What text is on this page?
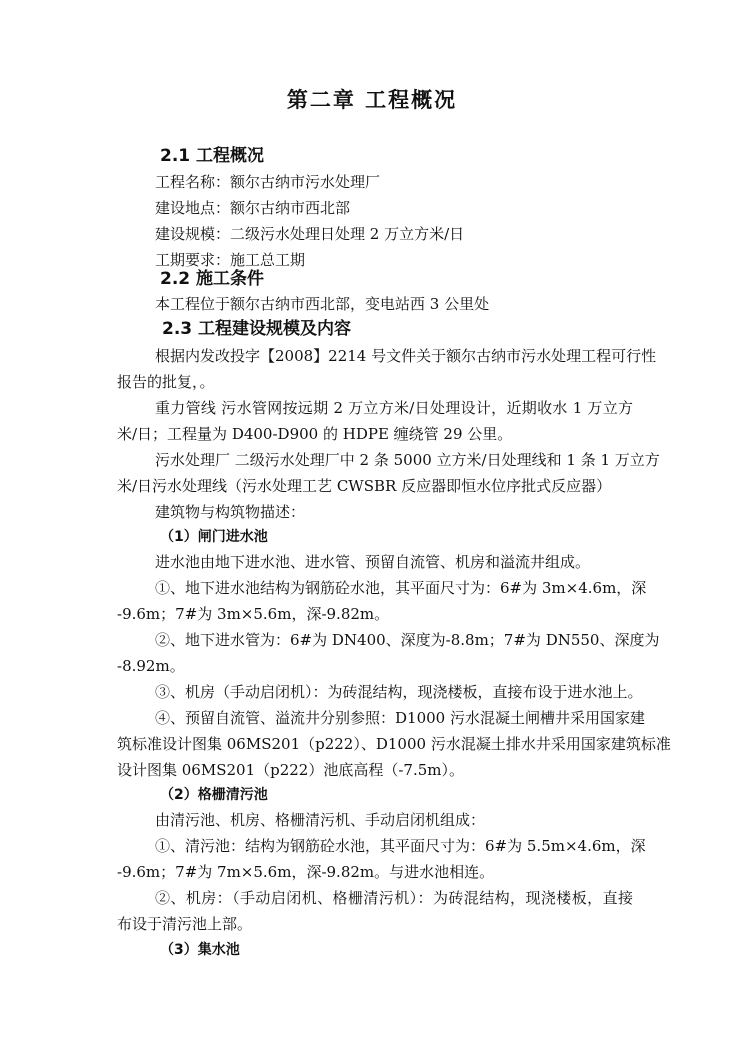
第二章 工程概况
2.1 工程概况
工程名称：额尔古纳市污水处理厂
建设地点：额尔古纳市西北部
建设规模：二级污水处理日处理 2 万立方米/日
工期要求：施工总工期
2.2 施工条件
本工程位于额尔古纳市西北部，变电站西 3 公里处
2.3 工程建设规模及内容
根据内发改投字【2008】2214 号文件关于额尔古纳市污水处理工程可行性
报告的批复，。
重力管线 污水管网按远期 2 万立方米/日处理设计，近期收水 1 万立方
米/日；工程量为 D400-D900 的 HDPE 缠绕管 29 公里。
污水处理厂 二级污水处理厂中 2 条 5000 立方米/日处理线和 1 条 1 万立方
米/日污水处理线（污水处理工艺 CWSBR 反应器即恒水位序批式反应器）
建筑物与构筑物描述：
（1）闸门进水池
进水池由地下进水池、进水管、预留自流管、机房和溢流井组成。
①、地下进水池结构为钢筋砼水池，其平面尺寸为：6#为 3m×4.6m，深
-9.6m；7#为 3m×5.6m，深-9.82m。
②、地下进水管为：6#为 DN400、深度为-8.8m；7#为 DN550、深度为
-8.92m。
③、机房（手动启闭机）：为砖混结构，现浇楼板，直接布设于进水池上。
④、预留自流管、溢流井分别参照：D1000 污水混凝土闸槽井采用国家建
筑标准设计图集 06MS201（p222）、D1000 污水混凝土排水井采用国家建筑标准
设计图集 06MS201（p222）池底高程（-7.5m）。
（2）格栅清污池
由清污池、机房、格栅清污机、手动启闭机组成：
①、清污池：结构为钢筋砼水池，其平面尺寸为：6#为 5.5m×4.6m，深
-9.6m；7#为 7m×5.6m，深-9.82m。与进水池相连。
②、机房：（手动启闭机、格栅清污机）：为砖混结构，现浇楼板，直接
布设于清污池上部。
（3）集水池
